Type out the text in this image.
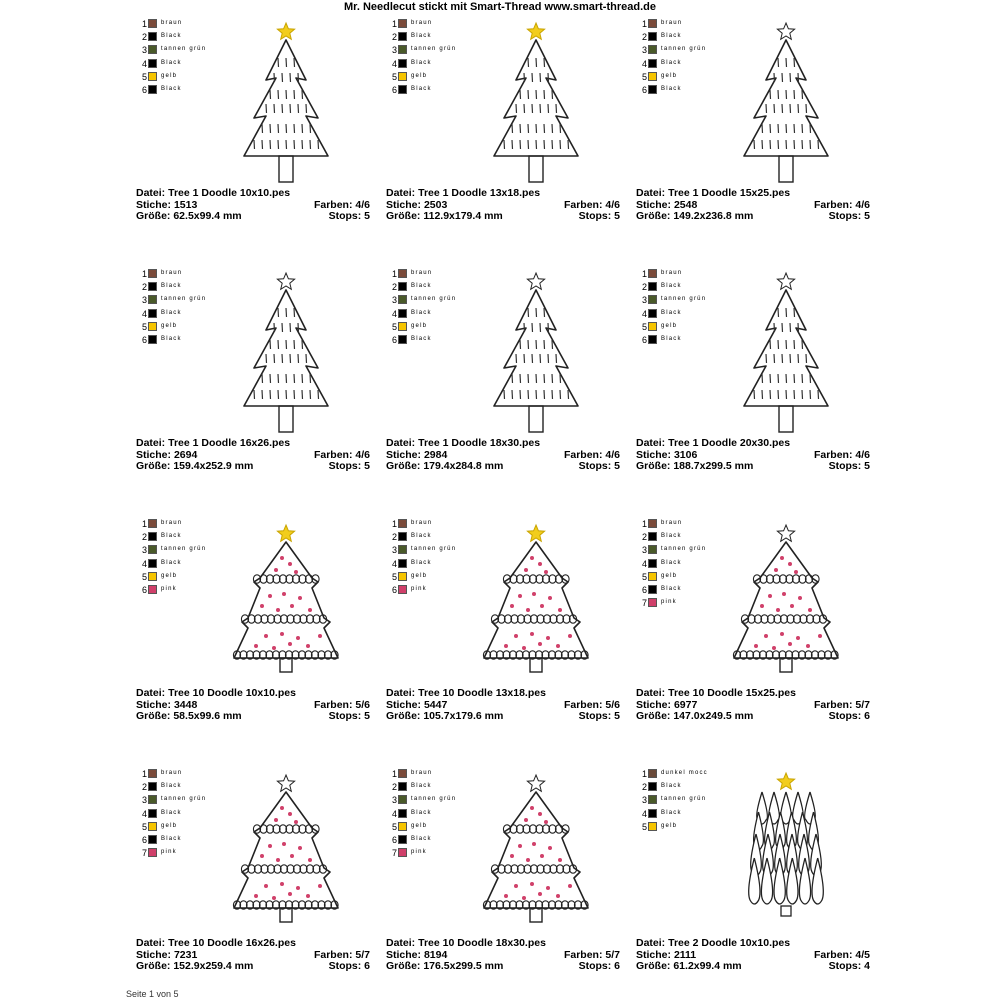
Mr. Needlecut stickt mit Smart-Thread www.smart-thread.de
1 braun
2 Black
3 tannen grün
4 Black
5 gelb
6 Black
Datei: Tree 1 Doodle 10x10.pes
Stiche: 1513	Farben: 4/6
Größe: 62.5x99.4 mm	Stops: 5
1 braun
2 Black
3 tannen grün
4 Black
5 gelb
6 Black
Datei: Tree 1 Doodle 13x18.pes
Stiche: 2503	Farben: 4/6
Größe: 112.9x179.4 mm	Stops: 5
1 braun
2 Black
3 tannen grün
4 Black
5 gelb
6 Black
Datei: Tree 1 Doodle 15x25.pes
Stiche: 2548	Farben: 4/6
Größe: 149.2x236.8 mm	Stops: 5
1 braun
2 Black
3 tannen grün
4 Black
5 gelb
6 Black
Datei: Tree 1 Doodle 16x26.pes
Stiche: 2694	Farben: 4/6
Größe: 159.4x252.9 mm	Stops: 5
1 braun
2 Black
3 tannen grün
4 Black
5 gelb
6 Black
Datei: Tree 1 Doodle 18x30.pes
Stiche: 2984	Farben: 4/6
Größe: 179.4x284.8 mm	Stops: 5
1 braun
2 Black
3 tannen grün
4 Black
5 gelb
6 Black
Datei: Tree 1 Doodle 20x30.pes
Stiche: 3106	Farben: 4/6
Größe: 188.7x299.5 mm	Stops: 5
1 braun
2 Black
3 tannen grün
4 Black
5 gelb
6 pink
Datei: Tree 10 Doodle 10x10.pes
Stiche: 3448	Farben: 5/6
Größe: 58.5x99.6 mm	Stops: 5
1 braun
2 Black
3 tannen grün
4 Black
5 gelb
6 pink
Datei: Tree 10 Doodle 13x18.pes
Stiche: 5447	Farben: 5/6
Größe: 105.7x179.6 mm	Stops: 5
1 braun
2 Black
3 tannen grün
4 Black
5 gelb
6 Black
7 pink
Datei: Tree 10 Doodle 15x25.pes
Stiche: 6977	Farben: 5/7
Größe: 147.0x249.5 mm	Stops: 6
1 braun
2 Black
3 tannen grün
4 Black
5 gelb
6 Black
7 pink
Datei: Tree 10 Doodle 16x26.pes
Stiche: 7231	Farben: 5/7
Größe: 152.9x259.4 mm	Stops: 6
1 braun
2 Black
3 tannen grün
4 Black
5 gelb
6 Black
7 pink
Datei: Tree 10 Doodle 18x30.pes
Stiche: 8194	Farben: 5/7
Größe: 176.5x299.5 mm	Stops: 6
1 dunkel mocc
2 Black
3 tannen grün
4 Black
5 gelb
Datei: Tree 2 Doodle 10x10.pes
Stiche: 2111	Farben: 4/5
Größe: 61.2x99.4 mm	Stops: 4
Seite 1 von 5
